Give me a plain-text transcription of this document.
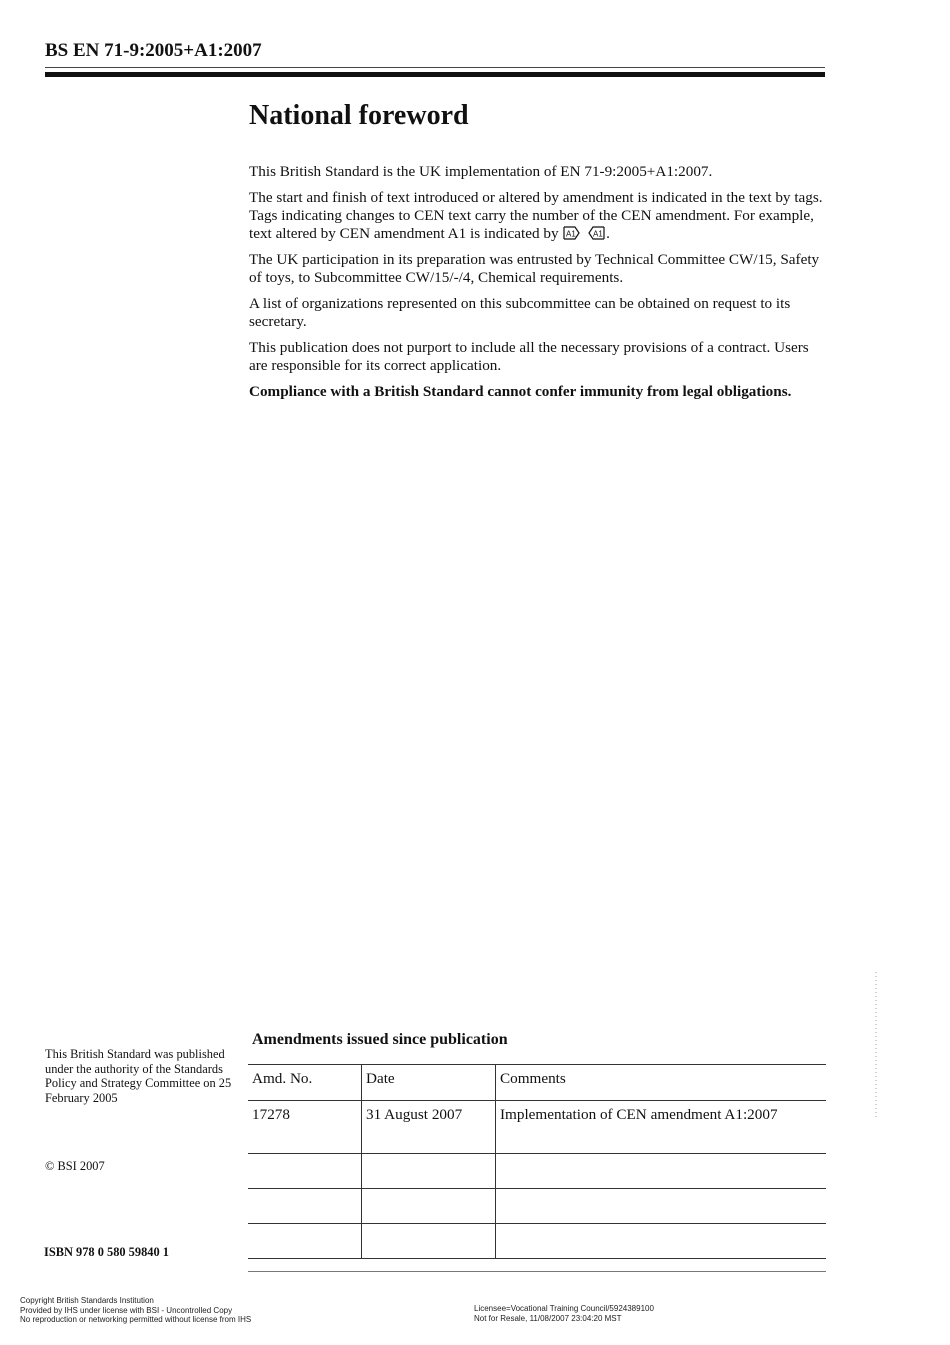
BS EN 71-9:2005+A1:2007
National foreword

This British Standard is the UK implementation of EN 71-9:2005+A1:2007.

The start and finish of text introduced or altered by amendment is indicated in the text by tags. Tags indicating changes to CEN text carry the number of the CEN amendment. For example, text altered by CEN amendment A1 is indicated by A1
A1 .

The UK participation in its preparation was entrusted by Technical Committee CW/15, Safety of toys, to Subcommittee CW/15/-/4, Chemical requirements.

A list of organizations represented on this subcommittee can be obtained on request to its secretary.

This publication does not purport to include all the necessary provisions of a contract. Users are responsible for its correct application.

Compliance with a British Standard cannot confer immunity from legal obligations.

This British Standard was published under the authority of the Standards Policy and Strategy Committee on 25 February 2005
© BSI 2007
ISBN 978 0 580 59840 1
Amendments issued since publication
Amd. No.	Date	Comments
17278	31 August 2007	Implementation of CEN amendment A1:2007

Copyright British Standards Institution
Provided by IHS under license with BSI - Uncontrolled Copy
No reproduction or networking permitted without license from IHS
Licensee=Vocational Training Council/5924389100
Not for Resale, 11/08/2007 23:04:20 MST
